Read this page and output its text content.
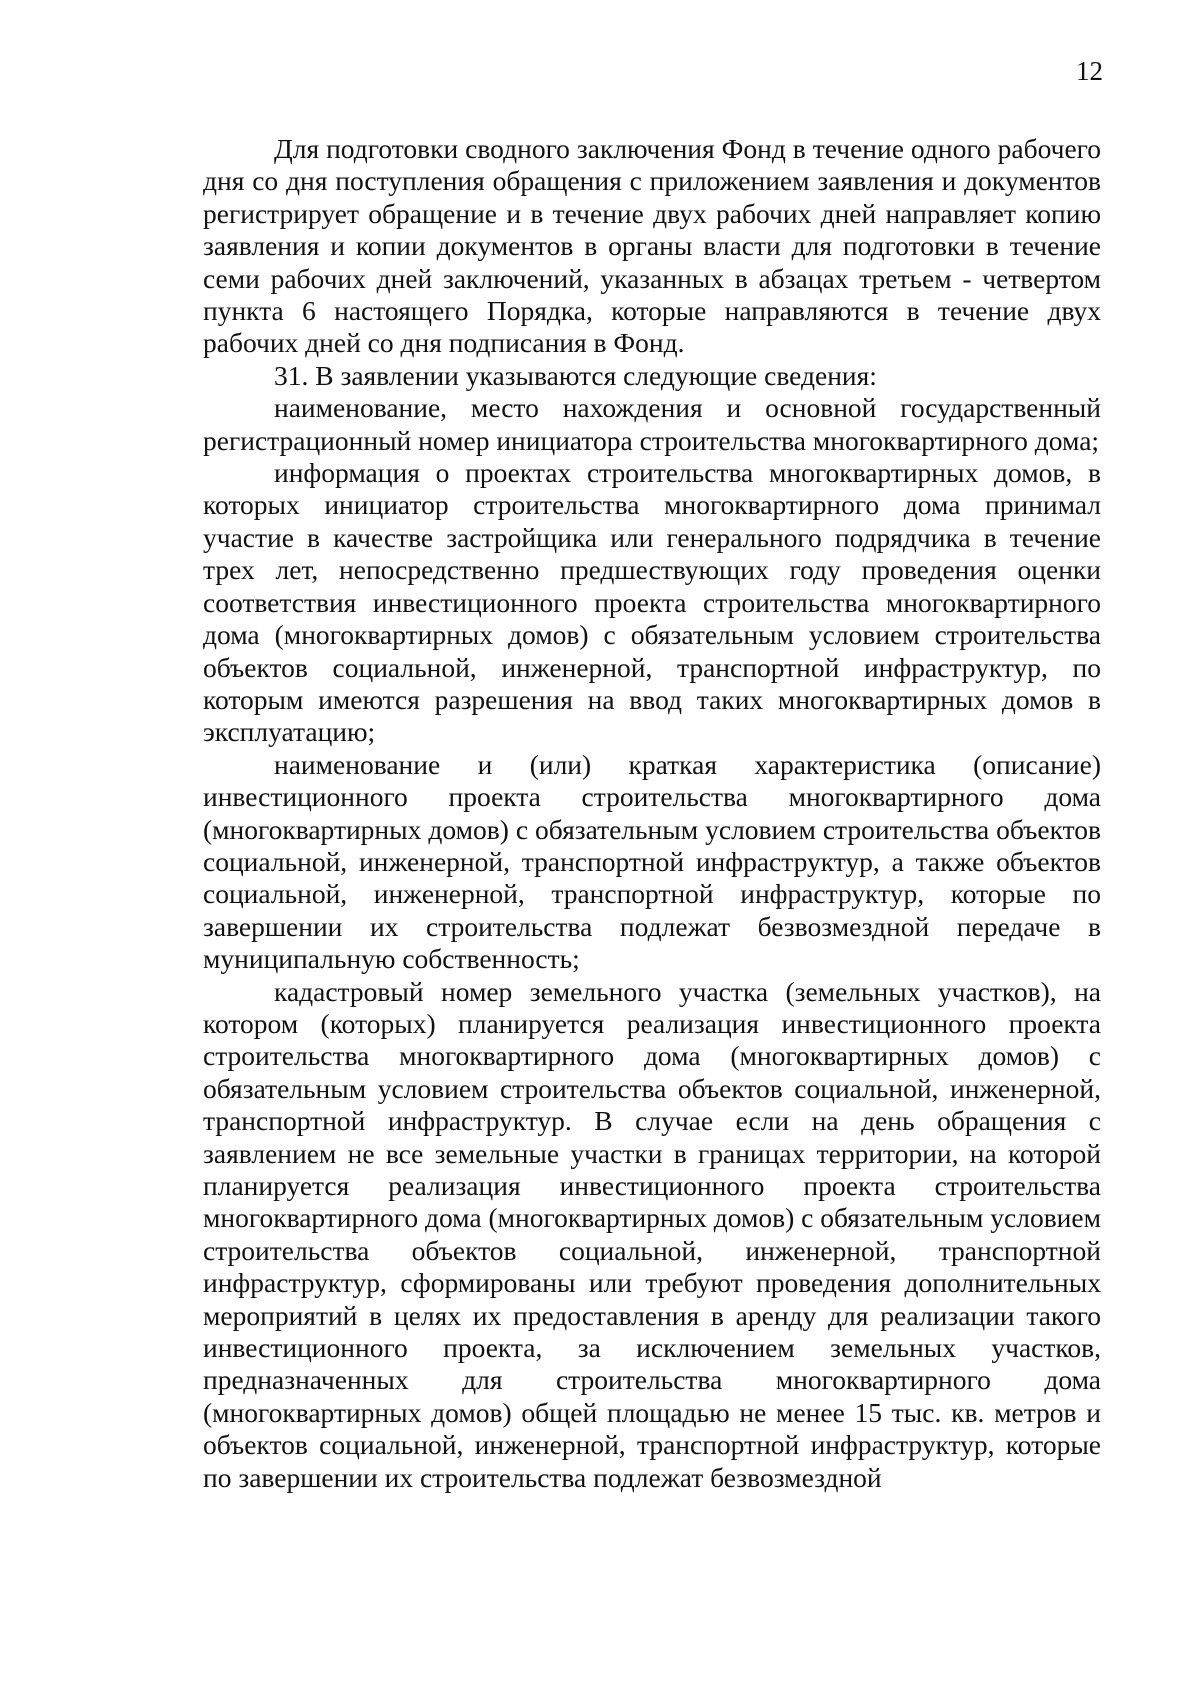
12

Для подготовки сводного заключения Фонд в течение одного рабочего дня со дня поступления обращения с приложением заявления и документов регистрирует обращение и в течение двух рабочих дней направляет копию заявления и копии документов в органы власти для подготовки в течение семи рабочих дней заключений, указанных в абзацах третьем - четвертом пункта 6 настоящего Порядка, которые направляются в течение двух рабочих дней со дня подписания в Фонд.

31. В заявлении указываются следующие сведения:

наименование, место нахождения и основной государственный регистрационный номер инициатора строительства многоквартирного дома;

информация о проектах строительства многоквартирных домов, в которых инициатор строительства многоквартирного дома принимал участие в качестве застройщика или генерального подрядчика в течение трех лет, непосредственно предшествующих году проведения оценки соответствия инвестиционного проекта строительства многоквартирного дома (многоквартирных домов) с обязательным условием строительства объектов социальной, инженерной, транспортной инфраструктур, по которым имеются разрешения на ввод таких многоквартирных домов в эксплуатацию;

наименование и (или) краткая характеристика (описание) инвестиционного проекта строительства многоквартирного дома (многоквартирных домов) с обязательным условием строительства объектов социальной, инженерной, транспортной инфраструктур, а также объектов социальной, инженерной, транспортной инфраструктур, которые по завершении их строительства подлежат безвозмездной передаче в муниципальную собственность;

кадастровый номер земельного участка (земельных участков), на котором (которых) планируется реализация инвестиционного проекта строительства многоквартирного дома (многоквартирных домов) с обязательным условием строительства объектов социальной, инженерной, транспортной инфраструктур. В случае если на день обращения с заявлением не все земельные участки в границах территории, на которой планируется реализация инвестиционного проекта строительства многоквартирного дома (многоквартирных домов) с обязательным условием строительства объектов социальной, инженерной, транспортной инфраструктур, сформированы или требуют проведения дополнительных мероприятий в целях их предоставления в аренду для реализации такого инвестиционного проекта, за исключением земельных участков, предназначенных для строительства многоквартирного дома (многоквартирных домов) общей площадью не менее 15 тыс. кв. метров и объектов социальной, инженерной, транспортной инфраструктур, которые по завершении их строительства подлежат безвозмездной
